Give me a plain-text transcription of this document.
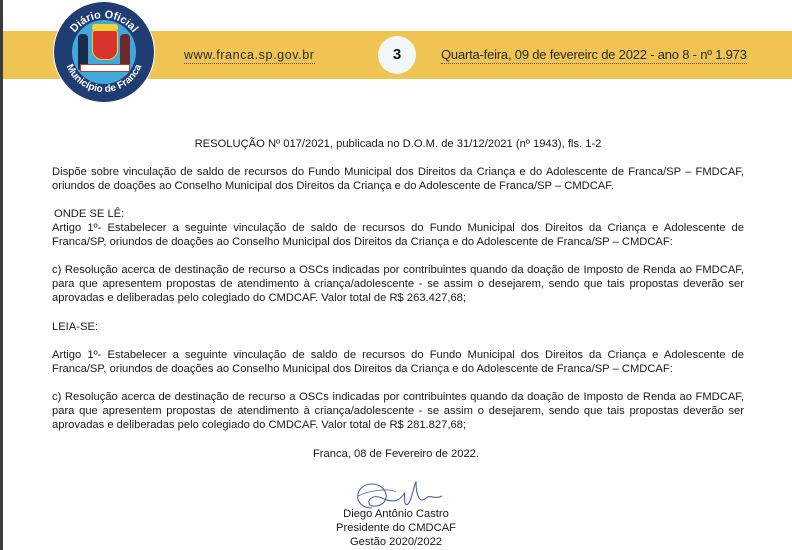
Diário Oficial
Município de Franca
www.franca.sp.gov.br	3	Quarta-feira, 09 de fevereirc de 2022 - ano 8 - nº 1.973

RESOLUÇÃO Nº 017/2021, publicada no D.O.M. de 31/12/2021 (nº 1943), fls. 1-2

Dispõe sobre vinculação de saldo de recursos do Fundo Municipal dos Direitos da Criança e do Adolescente de Franca/SP – FMDCAF, oriundos de doações ao Conselho Municipal dos Direitos da Criança e do Adolescente de Franca/SP – CMDCAF.

ONDE SE LÊ:

Artigo 1º- Estabelecer a seguinte vinculação de saldo de recursos do Fundo Municipal dos Direitos da Criança e Adolescente de Franca/SP, oriundos de doações ao Conselho Municipal dos Direitos da Criança e do Adolescente de Franca/SP – CMDCAF:

c) Resolução acerca de destinação de recurso a OSCs indicadas por contribuintes quando da doação de Imposto de Renda ao FMDCAF, para que apresentem propostas de atendimento à criança/adolescente - se assim o desejarem, sendo que tais propostas deverão ser aprovadas e deliberadas pelo colegiado do CMDCAF. Valor total de R$ 263.427,68;

LEIA-SE:

Artigo 1º- Estabelecer a seguinte vinculação de saldo de recursos do Fundo Municipal dos Direitos da Criança e Adolescente de Franca/SP, oriundos de doações ao Conselho Municipal dos Direitos da Criança e do Adolescente de Franca/SP – CMDCAF:

c) Resolução acerca de destinação de recurso a OSCs indicadas por contribuintes quando da doação de Imposto de Renda ao FMDCAF, para que apresentem propostas de atendimento à criança/adolescente - se assim o desejarem, sendo que tais propostas deverão ser aprovadas e deliberadas pelo colegiado do CMDCAF. Valor total de R$ 281.827,68;

Franca, 08 de Fevereiro de 2022.
Diego Antônio Castro
Presidente do CMDCAF
Gestão 2020/2022
